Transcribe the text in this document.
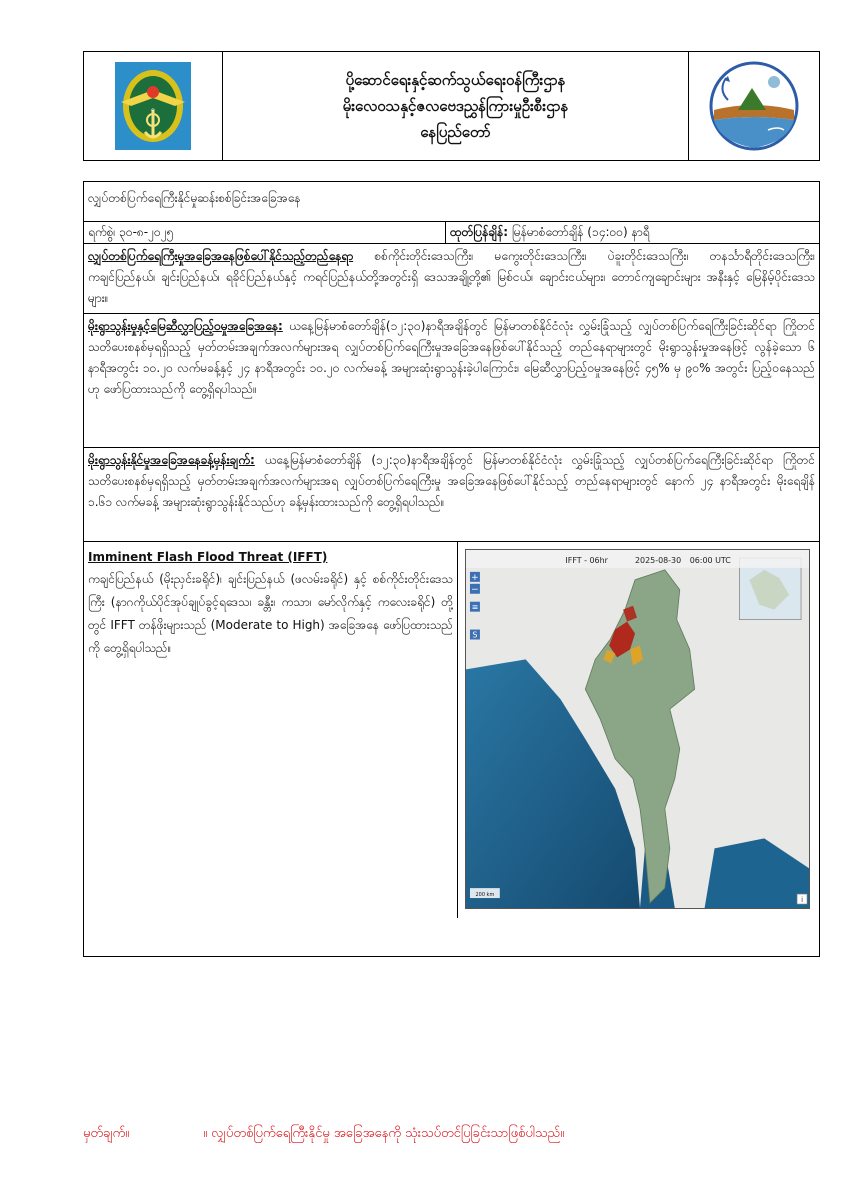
ᨀ
ပို့ဆောင်ရေးနှင့်ဆက်သွယ်ရေးဝန်ကြီးဌာန
မိုးလေဝသနှင့်ဇလဗေဒညွှန်ကြားမှုဦးစီးဌာန
နေပြည်တော်
လျှပ်တစ်ပြက်ရေကြီးနိုင်မှုဆန်းစစ်ခြင်းအခြေအနေ
ရက်စွဲ၊ ၃၀-၈-၂၀၂၅	ထုတ်ပြန်ချိန်: မြန်မာစံတော်ချိန် (၁၄:၀၀) နာရီ
လျှပ်တစ်ပြက်ရေကြီးမှုအခြေအနေဖြစ်ပေါ်နိုင်သည့်တည်နေရာ စစ်ကိုင်းတိုင်းဒေသကြီး၊ မကွေးတိုင်းဒေသကြီး၊ ပဲခူးတိုင်းဒေသကြီး၊ တနင်္သာရီတိုင်းဒေသကြီး၊ ကချင်ပြည်နယ်၊ ချင်းပြည်နယ်၊ ရခိုင်ပြည်နယ်နှင့် ကရင်ပြည်နယ်တို့အတွင်းရှိ ဒေသအချို့တို့၏ မြစ်ငယ်၊ ချောင်းငယ်များ၊ တောင်ကျချောင်းများ အနီးနှင့် မြေနိမ့်ပိုင်းဒေသများ။
မိုးရွာသွန်းမှုနှင့်မြေဆီလွှာပြည့်ဝမှုအခြေအနေ: ယနေ့မြန်မာစံတော်ချိန်(၁၂:၃၀)နာရီအချိန်တွင် မြန်မာတစ်နိုင်ငံလုံး လွှမ်းခြုံသည့် လျှပ်တစ်ပြက်ရေကြီးခြင်းဆိုင်ရာ ကြိုတင်သတိပေးစနစ်မှရရှိသည့် မှတ်တမ်းအချက်အလက်များအရ လျှပ်တစ်ပြက်ရေကြီးမှုအခြေအနေဖြစ်ပေါ်နိုင်သည့် တည်နေရာများတွင် မိုးရွာသွန်းမှုအနေဖြင့် လွန်ခဲ့သော ၆ နာရီအတွင်း ၁၀.၂၀ လက်မခန့်နှင့် ၂၄ နာရီအတွင်း ၁၀.၂၀ လက်မခန့် အများဆုံးရွာသွန်းခဲ့ပါကြောင်း၊ မြေဆီလွှာပြည့်ဝမှုအနေဖြင့် ၄၅% မှ ၉၀% အတွင်း ပြည့်ဝနေသည်ဟု ဖော်ပြထားသည်ကို တွေ့ရှိရပါသည်။
မိုးရွာသွန်းနိုင်မှုအခြေအနေခန့်မှန်းချက်: ယနေ့မြန်မာစံတော်ချိန် (၁၂:၃၀)နာရီအချိန်တွင် မြန်မာတစ်နိုင်ငံလုံး လွှမ်းခြုံသည့် လျှပ်တစ်ပြက်ရေကြီးခြင်းဆိုင်ရာ ကြိုတင်သတိပေးစနစ်မှရရှိသည့် မှတ်တမ်းအချက်အလက်များအရ လျှပ်တစ်ပြက်ရေကြီးမှု အခြေအနေဖြစ်ပေါ်နိုင်သည့် တည်နေရာများတွင် နောက် ၂၄ နာရီအတွင်း မိုးရေချိန် ၁.၆၁ လက်မခန့် အများဆုံးရွာသွန်းနိုင်သည်ဟု ခန့်မှန်းထားသည်ကို တွေ့ရှိရပါသည်။
Imminent Flash Flood Threat (IFFT)
ကချင်ပြည်နယ် (မိုးညှင်းခရိုင်)၊ ချင်းပြည်နယ် (ဖလမ်းခရိုင်) နှင့် စစ်ကိုင်းတိုင်းဒေသကြီး (နာဂကိုယ်ပိုင်အုပ်ချုပ်ခွင့်ရဒေသ၊ ခန္တီး၊ ကသာ၊ မော်လိုက်နှင့် ကလေးခရိုင်) တို့တွင် IFFT တန်ဖိုးများသည် (Moderate to High) အခြေအနေ ဖော်ပြထားသည်ကို တွေ့ရှိရပါသည်။
IFFT - 06hr	2025-08-30 06:00 UTC
+
−
≡
S
200 km
i
မှတ်ချက်။	။ လျှပ်တစ်ပြက်ရေကြီးနိုင်မှု အခြေအနေကို သုံးသပ်တင်ပြခြင်းသာဖြစ်ပါသည်။
